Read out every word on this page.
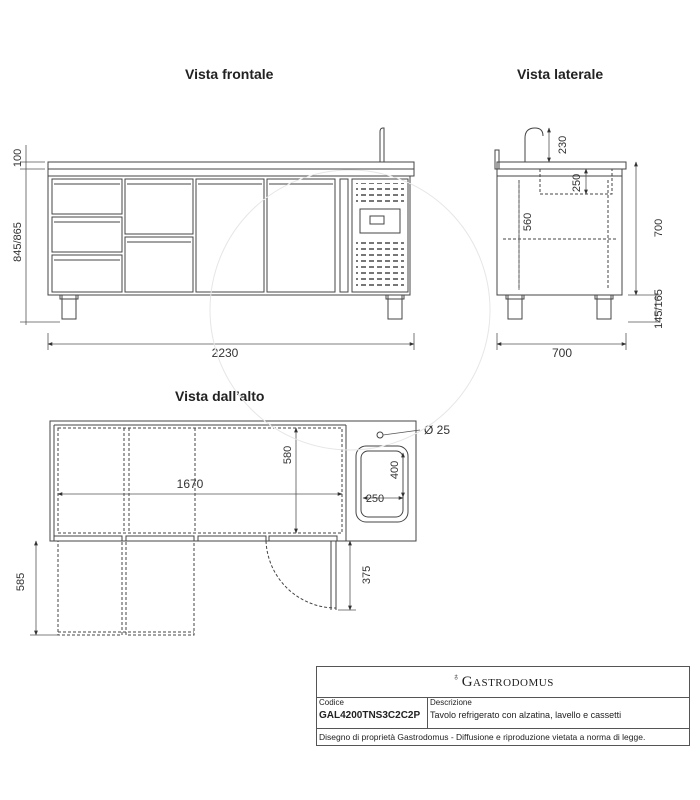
Vista frontale	Vista laterale
Vista dall'alto
100
845/865
2230
230
250
560	700
145/165
700
Ø 25
580
1670
400
250
585	375
♁ Gastrodomus
Codice
GAL4200TNS3C2C2P
Descrizione
Tavolo refrigerato con alzatina, lavello e cassetti
Disegno di proprietà Gastrodomus - Diffusione e riproduzione vietata a norma di legge.
